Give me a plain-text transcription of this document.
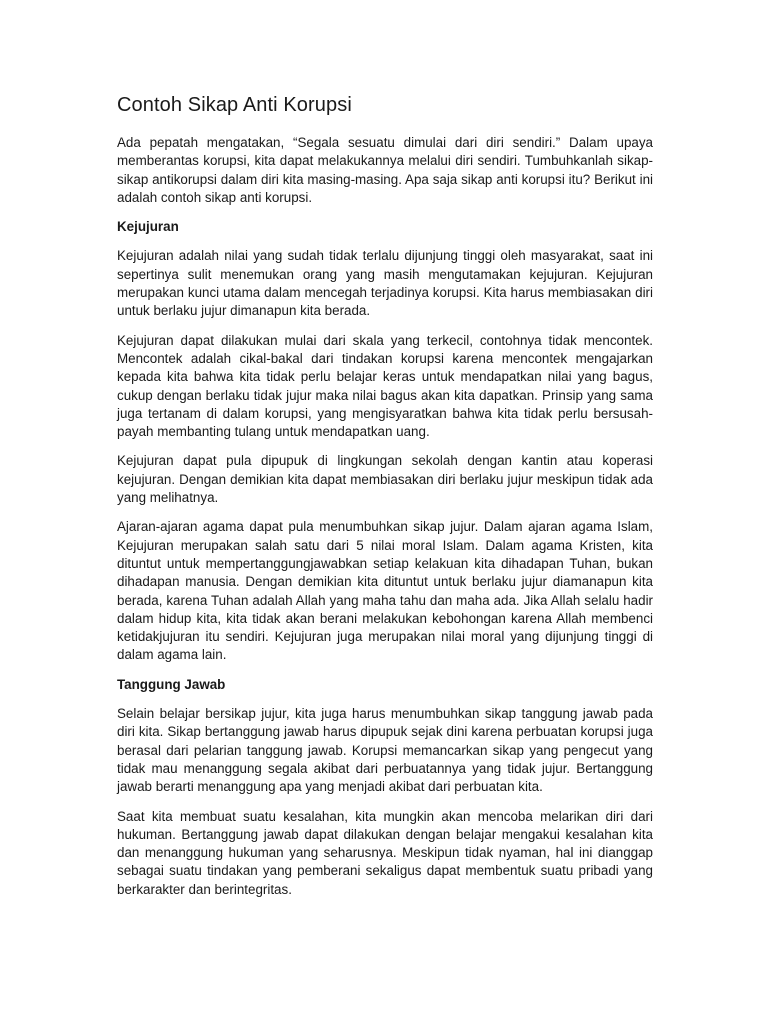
Contoh Sikap Anti Korupsi

Ada pepatah mengatakan, “Segala sesuatu dimulai dari diri sendiri.” Dalam upaya memberantas korupsi, kita dapat melakukannya melalui diri sendiri. Tumbuhkanlah sikap-sikap antikorupsi dalam diri kita masing-masing. Apa saja sikap anti korupsi itu? Berikut ini adalah contoh sikap anti korupsi.

Kejujuran

Kejujuran adalah nilai yang sudah tidak terlalu dijunjung tinggi oleh masyarakat, saat ini sepertinya sulit menemukan orang yang masih mengutamakan kejujuran. Kejujuran merupakan kunci utama dalam mencegah terjadinya korupsi. Kita harus membiasakan diri untuk berlaku jujur dimanapun kita berada.

Kejujuran dapat dilakukan mulai dari skala yang terkecil, contohnya tidak mencontek. Mencontek adalah cikal-bakal dari tindakan korupsi karena mencontek mengajarkan kepada kita bahwa kita tidak perlu belajar keras untuk mendapatkan nilai yang bagus, cukup dengan berlaku tidak jujur maka nilai bagus akan kita dapatkan. Prinsip yang sama juga tertanam di dalam korupsi, yang mengisyaratkan bahwa kita tidak perlu bersusah-payah membanting tulang untuk mendapatkan uang.

Kejujuran dapat pula dipupuk di lingkungan sekolah dengan kantin atau koperasi kejujuran. Dengan demikian kita dapat membiasakan diri berlaku jujur meskipun tidak ada yang melihatnya.

Ajaran-ajaran agama dapat pula menumbuhkan sikap jujur. Dalam ajaran agama Islam, Kejujuran merupakan salah satu dari 5 nilai moral Islam. Dalam agama Kristen, kita dituntut untuk mempertanggungjawabkan setiap kelakuan kita dihadapan Tuhan, bukan dihadapan manusia. Dengan demikian kita dituntut untuk berlaku jujur diamanapun kita berada, karena Tuhan adalah Allah yang maha tahu dan maha ada. Jika Allah selalu hadir dalam hidup kita, kita tidak akan berani melakukan kebohongan karena Allah membenci ketidakjujuran itu sendiri. Kejujuran juga merupakan nilai moral yang dijunjung tinggi di dalam agama lain.

Tanggung Jawab

Selain belajar bersikap jujur, kita juga harus menumbuhkan sikap tanggung jawab pada diri kita. Sikap bertanggung jawab harus dipupuk sejak dini karena perbuatan korupsi juga berasal dari pelarian tanggung jawab. Korupsi memancarkan sikap yang pengecut yang tidak mau menanggung segala akibat dari perbuatannya yang tidak jujur. Bertanggung jawab berarti menanggung apa yang menjadi akibat dari perbuatan kita.

Saat kita membuat suatu kesalahan, kita mungkin akan mencoba melarikan diri dari hukuman. Bertanggung jawab dapat dilakukan dengan belajar mengakui kesalahan kita dan menanggung hukuman yang seharusnya. Meskipun tidak nyaman, hal ini dianggap sebagai suatu tindakan yang pemberani sekaligus dapat membentuk suatu pribadi yang berkarakter dan berintegritas.
